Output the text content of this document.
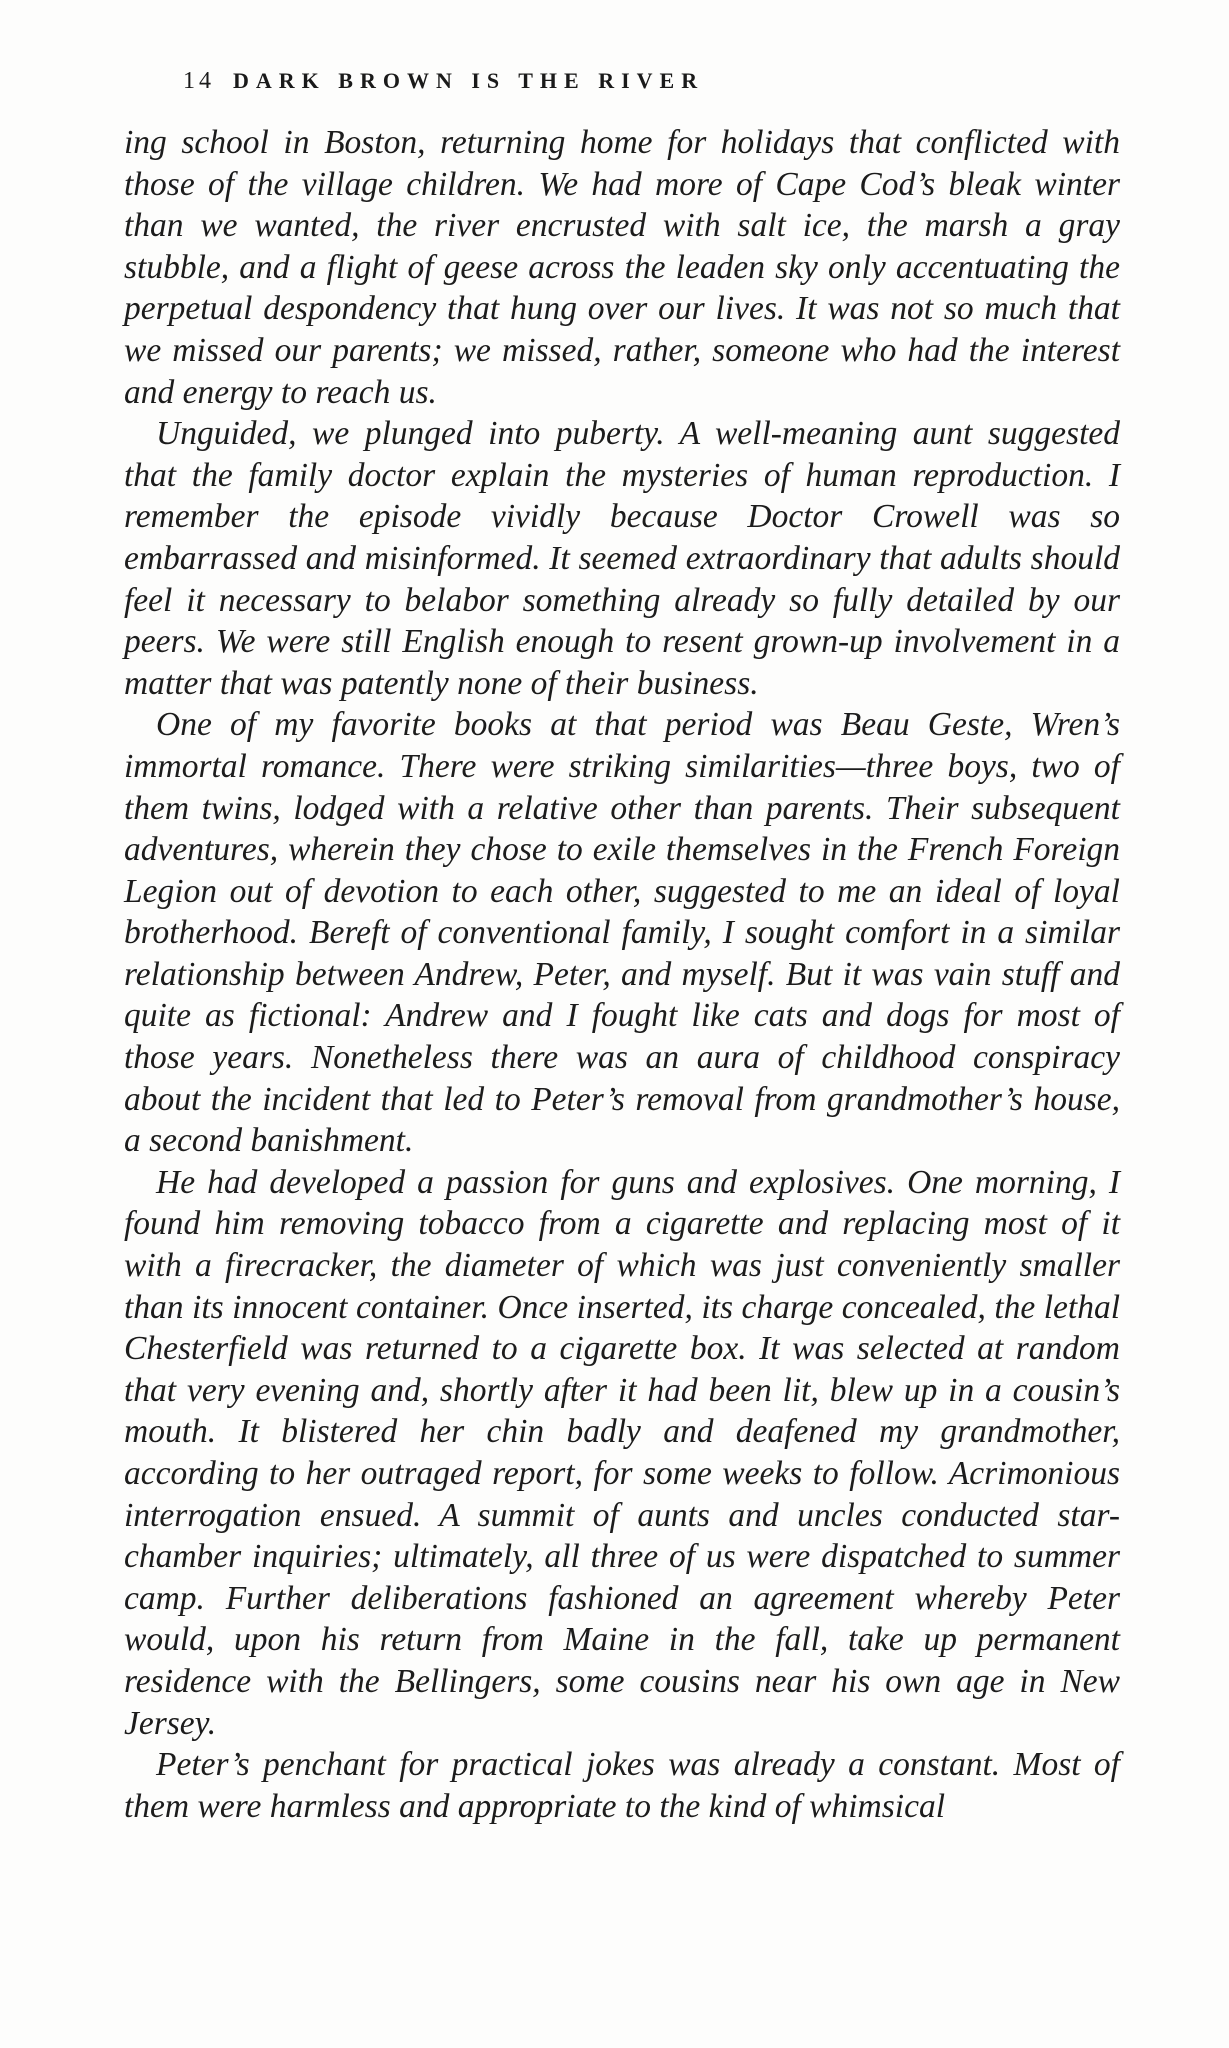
14 DARK BROWN IS THE RIVER

ing school in Boston, returning home for holidays that conflicted with those of the village children. We had more of Cape Cod’s bleak winter than we wanted, the river encrusted with salt ice, the marsh a gray stubble, and a flight of geese across the leaden sky only accentuating the perpetual despondency that hung over our lives. It was not so much that we missed our parents; we missed, rather, someone who had the interest and energy to reach us.

Unguided, we plunged into puberty. A well-meaning aunt suggested that the family doctor explain the mysteries of human reproduction. I remember the episode vividly because Doctor Crowell was so embarrassed and misinformed. It seemed extraordinary that adults should feel it necessary to belabor something already so fully detailed by our peers. We were still English enough to resent grown-up involvement in a matter that was patently none of their business.

One of my favorite books at that period was Beau Geste, Wren’s immortal romance. There were striking similarities—three boys, two of them twins, lodged with a relative other than parents. Their subsequent adventures, wherein they chose to exile themselves in the French Foreign Legion out of devotion to each other, suggested to me an ideal of loyal brotherhood. Bereft of conventional family, I sought comfort in a similar relationship between Andrew, Peter, and myself. But it was vain stuff and quite as fictional: Andrew and I fought like cats and dogs for most of those years. Nonetheless there was an aura of childhood conspiracy about the incident that led to Peter’s removal from grandmother’s house, a second banishment.

He had developed a passion for guns and explosives. One morning, I found him removing tobacco from a cigarette and replacing most of it with a firecracker, the diameter of which was just conveniently smaller than its innocent container. Once inserted, its charge concealed, the lethal Chesterfield was returned to a cigarette box. It was selected at random that very evening and, shortly after it had been lit, blew up in a cousin’s mouth. It blistered her chin badly and deafened my grandmother, according to her outraged report, for some weeks to follow. Acrimonious interrogation ensued. A summit of aunts and uncles conducted star-chamber inquiries; ultimately, all three of us were dispatched to summer camp. Further deliberations fashioned an agreement whereby Peter would, upon his return from Maine in the fall, take up permanent residence with the Bellingers, some cousins near his own age in New Jersey.

Peter’s penchant for practical jokes was already a constant. Most of them were harmless and appropriate to the kind of whimsical
